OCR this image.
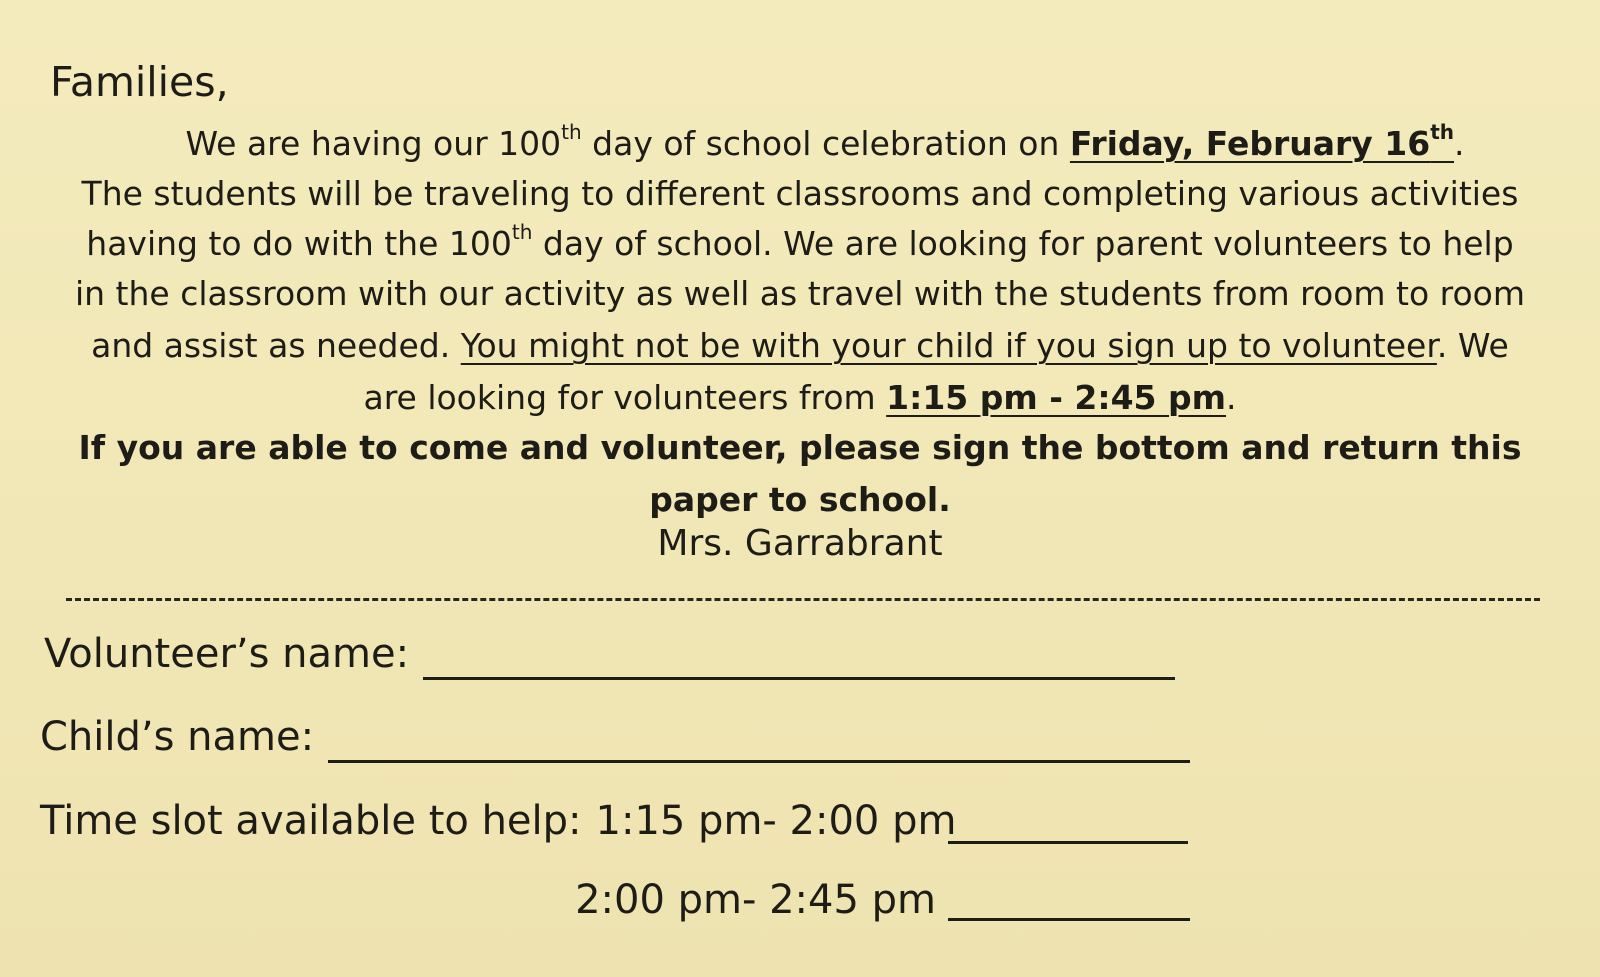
Families,
We are having our 100th day of school celebration on Friday, February 16th.
The students will be traveling to different classrooms and completing various activities
having to do with the 100th day of school. We are looking for parent volunteers to help
in the classroom with our activity as well as travel with the students from room to room
and assist as needed. You might not be with your child if you sign up to volunteer. We
are looking for volunteers from 1:15 pm - 2:45 pm.
If you are able to come and volunteer, please sign the bottom and return this
paper to school.
Mrs. Garrabrant
Volunteer’s name:
Child’s name:
Time slot available to help: 1:15 pm- 2:00 pm
2:00 pm- 2:45 pm
